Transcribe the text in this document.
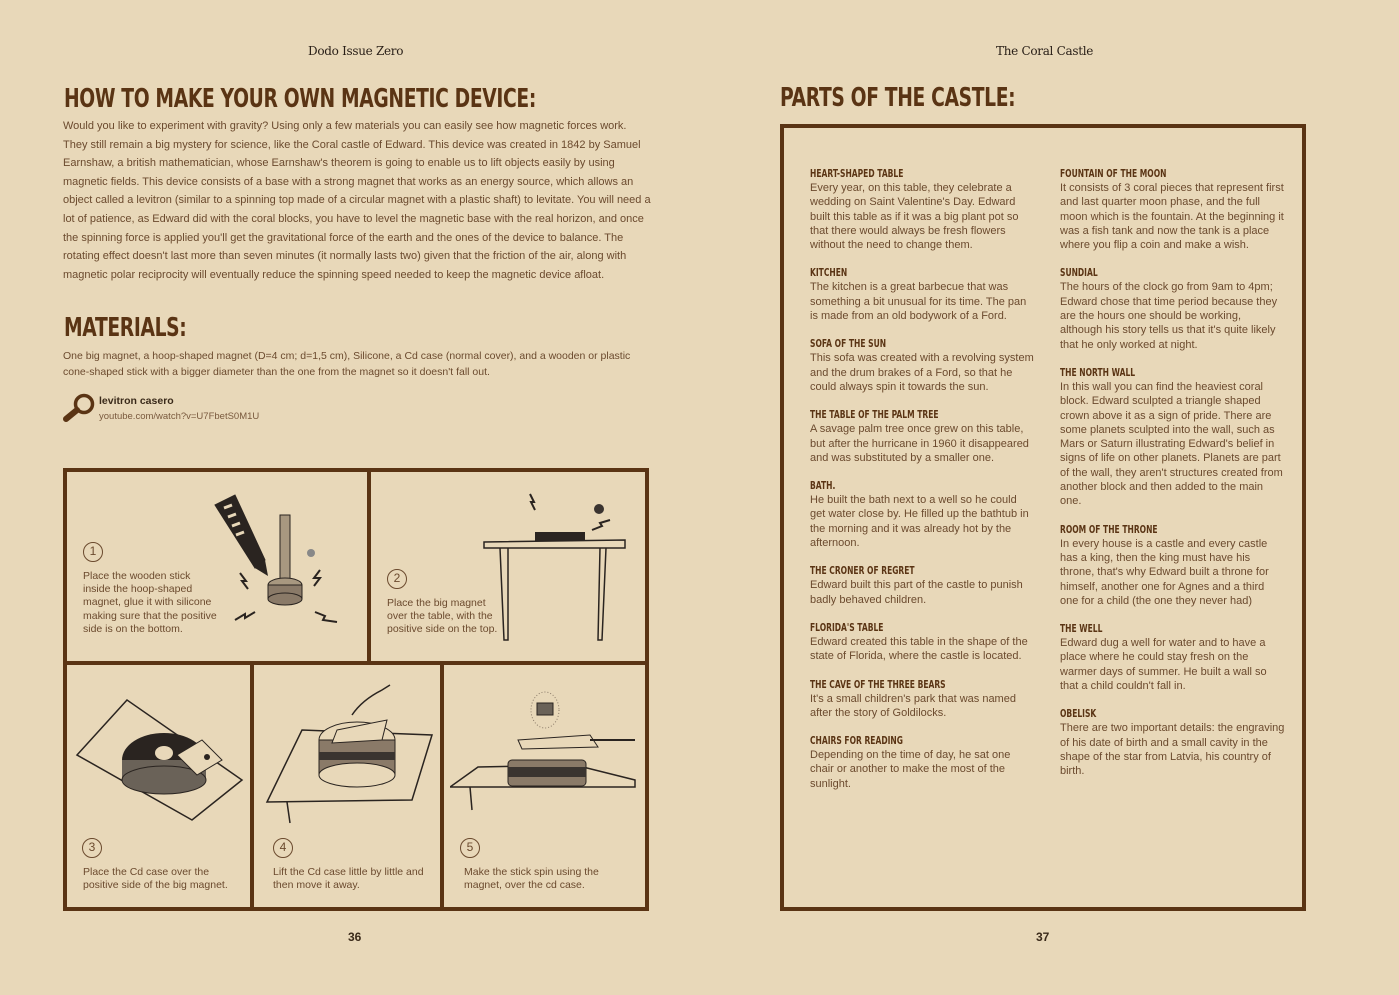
Dodo Issue Zero
HOW TO MAKE YOUR OWN MAGNETIC DEVICE:
Would you like to experiment with gravity? Using only a few materials you can easily see how magnetic forces work. They still remain a big mystery for science, like the Coral castle of Edward. This device was created in 1842 by Samuel Earnshaw, a british mathematician, whose Earnshaw's theorem is going to enable us to lift objects easily by using magnetic fields. This device consists of a base with a strong magnet that works as an energy source, which allows an object called a levitron (similar to a spinning top made of a circular magnet with a plastic shaft) to levitate. You will need a lot of patience, as Edward did with the coral blocks, you have to level the magnetic base with the real horizon, and once the spinning force is applied you'll get the gravitational force of the earth and the ones of the device to balance. The rotating effect doesn't last more than seven minutes (it normally lasts two) given that the friction of the air, along with magnetic polar reciprocity will eventually reduce the spinning speed needed to keep the magnetic device afloat.
MATERIALS:
One big magnet, a hoop-shaped magnet (D=4 cm; d=1,5 cm), Silicone, a Cd case (normal cover), and a wooden or plastic cone-shaped stick with a bigger diameter than the one from the magnet so it doesn't fall out.
levitron casero
youtube.com/watch?v=U7FbetS0M1U
1
Place the wooden stick inside the hoop-shaped magnet, glue it with silicone making sure that the positive side is on the bottom.
2
Place the big magnet over the table, with the positive side on the top.
3
Place the Cd case over the positive side of the big magnet.
4
Lift the Cd case little by little and then move it away.
5
Make the stick spin using the magnet, over the cd case.
36
The Coral Castle
PARTS OF THE CASTLE:
HEART-SHAPED TABLE
Every year, on this table, they celebrate a wedding on Saint Valentine's Day. Edward built this table as if it was a big plant pot so that there would always be fresh flowers without the need to change them.
KITCHEN
The kitchen is a great barbecue that was something a bit unusual for its time. The pan is made from an old bodywork of a Ford.
SOFA OF THE SUN
This sofa was created with a revolving system and the drum brakes of a Ford, so that he could always spin it towards the sun.
THE TABLE OF THE PALM TREE
A savage palm tree once grew on this table, but after the hurricane in 1960 it disappeared and was substituted by a smaller one.
BATH.
He built the bath next to a well so he could get water close by. He filled up the bathtub in the morning and it was already hot by the afternoon.
THE CRONER OF REGRET
Edward built this part of the castle to punish badly behaved children.
FLORIDA'S TABLE
Edward created this table in the shape of the state of Florida, where the castle is located.
THE CAVE OF THE THREE BEARS
It's a small children's park that was named after the story of Goldilocks.
CHAIRS FOR READING
Depending on the time of day, he sat one chair or another to make the most of the sunlight.
FOUNTAIN OF THE MOON
It consists of 3 coral pieces that represent first and last quarter moon phase, and the full moon which is the fountain. At the beginning it was a fish tank and now the tank is a place where you flip a coin and make a wish.
SUNDIAL
The hours of the clock go from 9am to 4pm; Edward chose that time period because they are the hours one should be working, although his story tells us that it's quite likely that he only worked at night.
THE NORTH WALL
In this wall you can find the heaviest coral block. Edward sculpted a triangle shaped crown above it as a sign of pride. There are some planets sculpted into the wall, such as Mars or Saturn illustrating Edward's belief in signs of life on other planets. Planets are part of the wall, they aren't structures created from another block and then added to the main one.
ROOM OF THE THRONE
In every house is a castle and every castle has a king, then the king must have his throne, that's why Edward built a throne for himself, another one for Agnes and a third one for a child (the one they never had)
THE WELL
Edward dug a well for water and to have a place where he could stay fresh on the warmer days of summer. He built a wall so that a child couldn't fall in.
OBELISK
There are two important details: the engraving of his date of birth and a small cavity in the shape of the star from Latvia, his country of birth.
37
